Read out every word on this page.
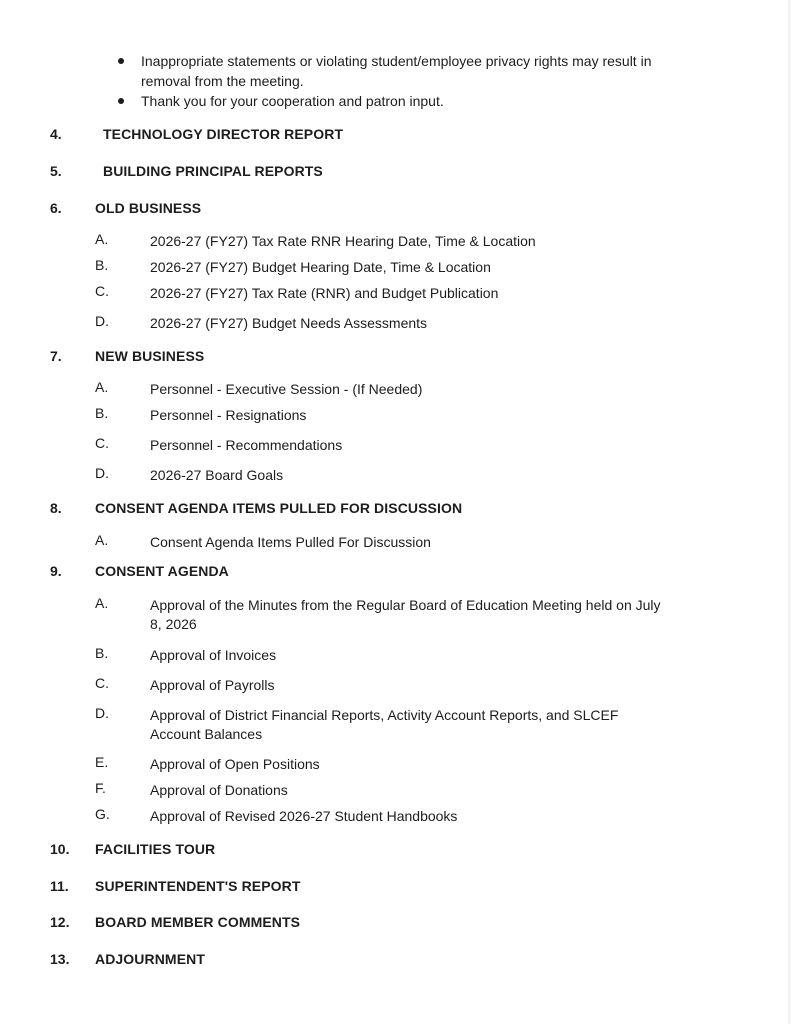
Inappropriate statements or violating student/employee privacy rights may result in
removal from the meeting.
Thank you for your cooperation and patron input.
4.	TECHNOLOGY DIRECTOR REPORT
5.	BUILDING PRINCIPAL REPORTS
6. OLD BUSINESS
A.	2026-27 (FY27) Tax Rate RNR Hearing Date, Time & Location
B.	2026-27 (FY27) Budget Hearing Date, Time & Location
C.	2026-27 (FY27) Tax Rate (RNR) and Budget Publication
D.	2026-27 (FY27) Budget Needs Assessments
7. NEW BUSINESS
A.	Personnel - Executive Session - (If Needed)
B.	Personnel - Resignations
C.	Personnel - Recommendations
D.	2026-27 Board Goals
8. CONSENT AGENDA ITEMS PULLED FOR DISCUSSION
A.	Consent Agenda Items Pulled For Discussion
9. CONSENT AGENDA
A.	Approval of the Minutes from the Regular Board of Education Meeting held on July
8, 2026
B.	Approval of Invoices
C.	Approval of Payrolls
D.	Approval of District Financial Reports, Activity Account Reports, and SLCEF
Account Balances
E.	Approval of Open Positions
F.	Approval of Donations
G.	Approval of Revised 2026-27 Student Handbooks
10. FACILITIES TOUR
11. SUPERINTENDENT'S REPORT
12. BOARD MEMBER COMMENTS
13. ADJOURNMENT
